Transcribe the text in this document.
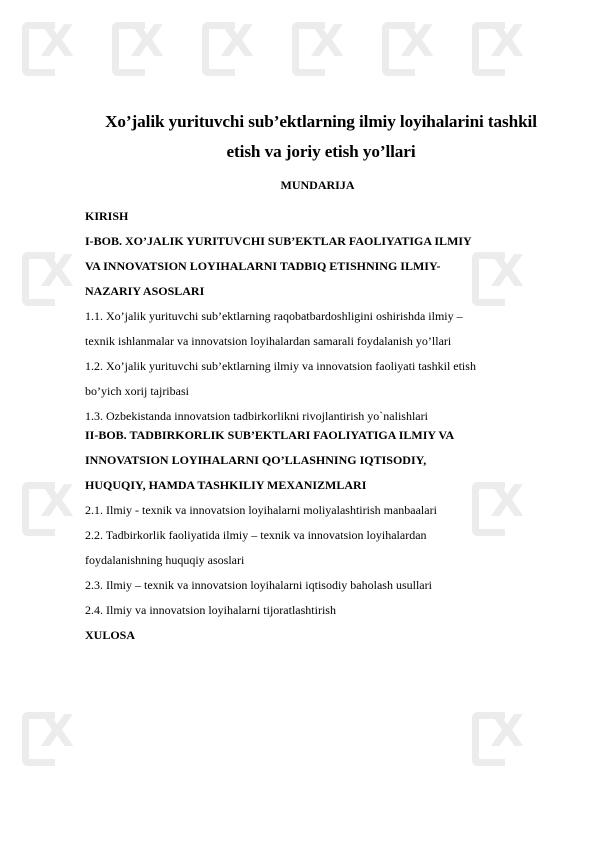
X X X X X X
X	X
X	X
X	X
Xo’jalik yurituvchi sub’ektlarning ilmiy loyihalarini tashkil
etish va joriy etish yo’llari
MUNDARIJA
KIRISH
I-BOB. XO’JALIK YURITUVCHI SUB’EKTLAR FAOLIYATIGA ILMIY
VA INNOVATSION LOYIHALARNI TADBIQ ETISHNING ILMIY-
NAZARIY ASOSLARI
1.1. Xo’jalik yurituvchi sub’ektlarning raqobatbardoshligini oshirishda ilmiy –
texnik ishlanmalar va innovatsion loyihalardan samarali foydalanish yo’llari
1.2. Xo’jalik yurituvchi sub’ektlarning ilmiy va innovatsion faoliyati tashkil etish
bo’yich xorij tajribasi
1.3. Ozbekistanda innovatsion tadbirkorlikni rivojlantirish yo`nalishlari
II-BOB. TADBIRKORLIK SUB’EKTLARI FAOLIYATIGA ILMIY VA
INNOVATSION LOYIHALARNI QO’LLASHNING IQTISODIY,
HUQUQIY, HAMDA TASHKILIY MEXANIZMLARI
2.1. Ilmiy - texnik va innovatsion loyihalarni moliyalashtirish manbaalari
2.2. Tadbirkorlik faoliyatida ilmiy – texnik va innovatsion loyihalardan
foydalanishning huquqiy asoslari
2.3. Ilmiy – texnik va innovatsion loyihalarni iqtisodiy baholash usullari
2.4. Ilmiy va innovatsion loyihalarni tijoratlashtirish
XULOSA
